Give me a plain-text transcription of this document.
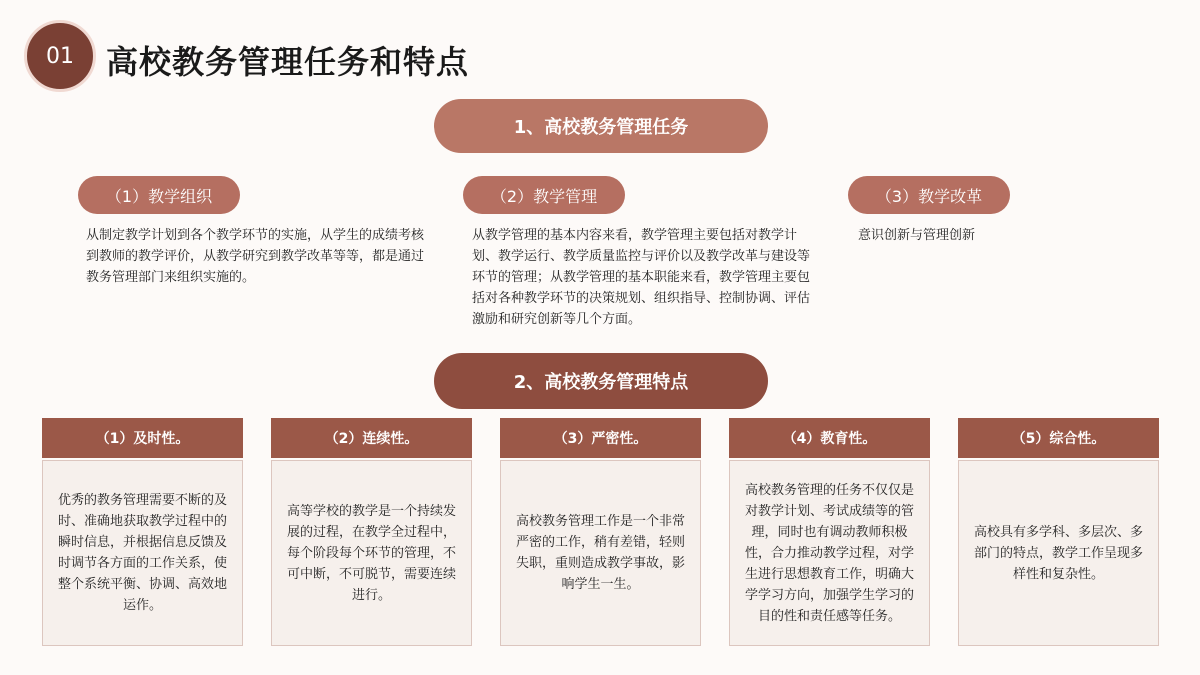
01 高校教务管理任务和特点
1、高校教务管理任务
（1）教学组织	（2）教学管理	（3）教学改革
从制定教学计划到各个教学环节的实施，从学生的成绩考核到教师的教学评价，从教学研究到教学改革等等，都是通过教务管理部门来组织实施的。
从教学管理的基本内容来看，教学管理主要包括对教学计划、教学运行、教学质量监控与评价以及教学改革与建设等环节的管理；从教学管理的基本职能来看，教学管理主要包括对各种教学环节的决策规划、组织指导、控制协调、评估激励和研究创新等几个方面。
意识创新与管理创新
2、高校教务管理特点
（1）及时性。
优秀的教务管理需要不断的及时、准确地获取教学过程中的瞬时信息，并根据信息反馈及时调节各方面的工作关系，使整个系统平衡、协调、高效地运作。
（2）连续性。
高等学校的教学是一个持续发展的过程，在教学全过程中，每个阶段每个环节的管理，不可中断，不可脱节，需要连续进行。
（3）严密性。
高校教务管理工作是一个非常严密的工作，稍有差错，轻则失职，重则造成教学事故，影响学生一生。
（4）教育性。
高校教务管理的任务不仅仅是对教学计划、考试成绩等的管理，同时也有调动教师积极性，合力推动教学过程，对学生进行思想教育工作，明确大学学习方向，加强学生学习的目的性和责任感等任务。
（5）综合性。
高校具有多学科、多层次、多部门的特点，教学工作呈现多样性和复杂性。
